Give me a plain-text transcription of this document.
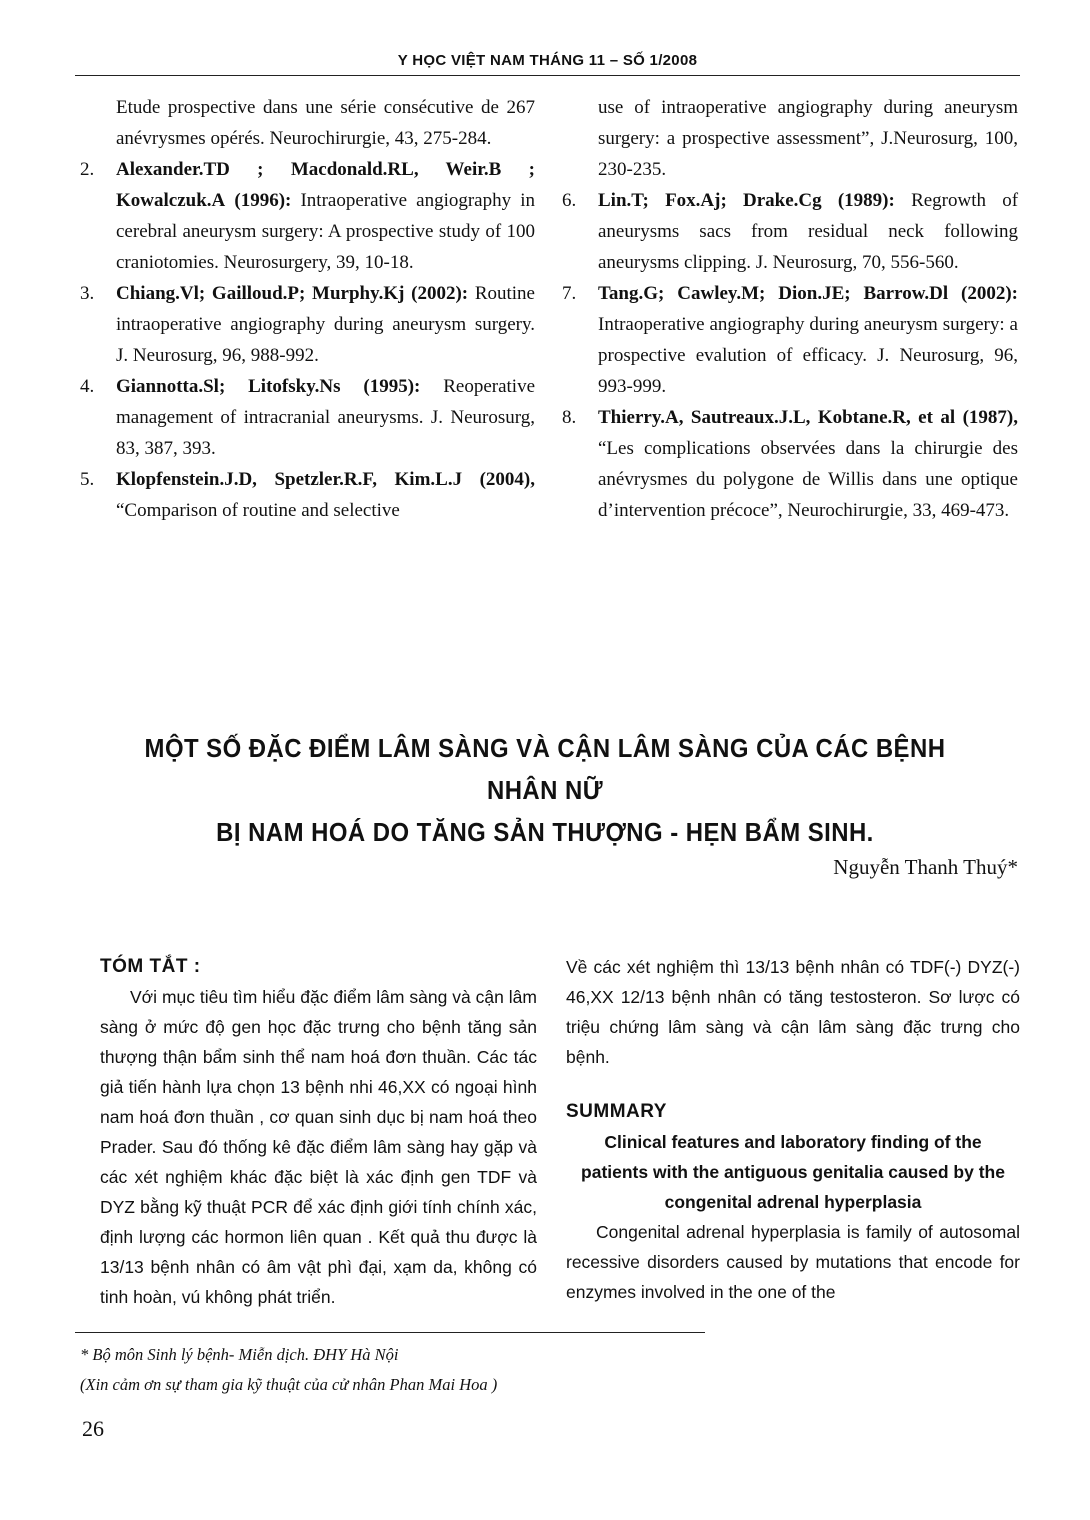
Y HỌC VIỆT NAM THÁNG 11 – SỐ 1/2008
Etude prospective dans une série consécutive de 267 anévrysmes opérés. Neurochirurgie, 43, 275-284.
2. Alexander.TD ; Macdonald.RL, Weir.B ; Kowalczuk.A (1996): Intraoperative angiography in cerebral aneurysm surgery: A prospective study of 100 craniotomies. Neurosurgery, 39, 10-18.
3. Chiang.Vl; Gailloud.P; Murphy.Kj (2002): Routine intraoperative angiography during aneurysm surgery. J. Neurosurg, 96, 988-992.
4. Giannotta.Sl; Litofsky.Ns (1995): Reoperative management of intracranial aneurysms. J. Neurosurg, 83, 387, 393.
5. Klopfenstein.J.D, Spetzler.R.F, Kim.L.J (2004), “Comparison of routine and selective
use of intraoperative angiography during aneurysm surgery: a prospective assessment”, J.Neurosurg, 100, 230-235.
6. Lin.T; Fox.Aj; Drake.Cg (1989): Regrowth of aneurysms sacs from residual neck following aneurysms clipping. J. Neurosurg, 70, 556-560.
7. Tang.G; Cawley.M; Dion.JE; Barrow.Dl (2002): Intraoperative angiography during aneurysm surgery: a prospective evalution of efficacy. J. Neurosurg, 96, 993-999.
8. Thierry.A, Sautreaux.J.L, Kobtane.R, et al (1987), “Les complications observées dans la chirurgie des anévrysmes du polygone de Willis dans une optique d’intervention précoce”, Neurochirurgie, 33, 469-473.
MỘT SỐ ĐẶC ĐIỂM LÂM SÀNG VÀ CẬN LÂM SÀNG CỦA CÁC BỆNH NHÂN NỮ
BỊ NAM HOÁ DO TĂNG SẢN THƯỢNG - HẸN BẨM SINH.
Nguyễn Thanh Thuý*
TÓM TẮT :
Với mục tiêu tìm hiểu đặc điểm lâm sàng và cận lâm sàng ở mức độ gen học đặc trưng cho bệnh tăng sản thượng thận bẩm sinh thể nam hoá đơn thuần. Các tác giả tiến hành lựa chọn 13 bệnh nhi 46,XX có ngoại hình nam hoá đơn thuần , cơ quan sinh dục bị nam hoá theo Prader. Sau đó thống kê đặc điểm lâm sàng hay gặp và các xét nghiệm khác đặc biệt là xác định gen TDF và DYZ bằng kỹ thuật PCR để xác định giới tính chính xác, định lượng các hormon liên quan . Kết quả thu được là 13/13 bệnh nhân có âm vật phì đại, xạm da, không có tinh hoàn, vú không phát triển.
Về các xét nghiệm thì 13/13 bệnh nhân có TDF(-) DYZ(-) 46,XX 12/13 bệnh nhân có tăng testosteron. Sơ lược có triệu chứng lâm sàng và cận lâm sàng đặc trưng cho bệnh.
SUMMARY
Clinical features and laboratory finding of the
patients with the antiguous genitalia caused by the
congenital adrenal hyperplasia
Congenital adrenal hyperplasia is family of autosomal recessive disorders caused by mutations that encode for enzymes involved in the one of the
* Bộ môn Sinh lý bệnh- Miễn dịch. ĐHY Hà Nội
(Xin cảm ơn sự tham gia kỹ thuật của cử nhân Phan Mai Hoa )
26
